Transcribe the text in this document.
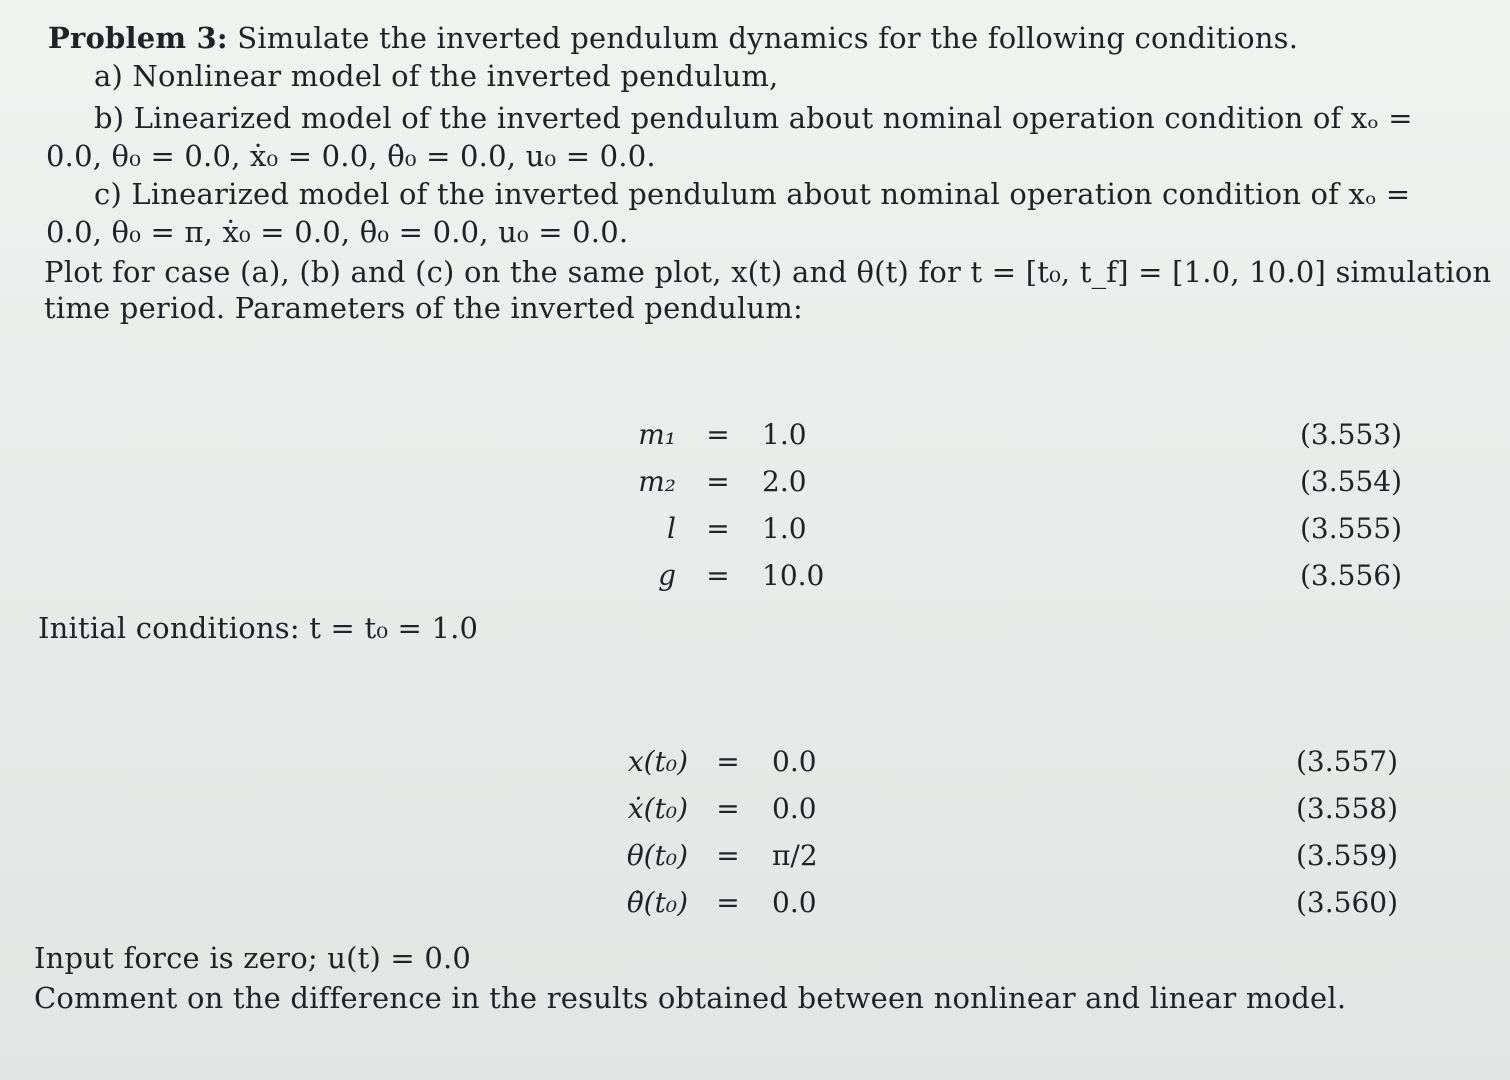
Problem 3: Simulate the inverted pendulum dynamics for the following conditions.
a) Nonlinear model of the inverted pendulum,
b) Linearized model of the inverted pendulum about nominal operation condition of xₒ =
0.0, θ₀ = 0.0, ẋ₀ = 0.0, θ̇₀ = 0.0, u₀ = 0.0.
c) Linearized model of the inverted pendulum about nominal operation condition of xₒ =
0.0, θ₀ = π, ẋ₀ = 0.0, θ̇₀ = 0.0, u₀ = 0.0.
Plot for case (a), (b) and (c) on the same plot, x(t) and θ(t) for t = [t₀, t_f] = [1.0, 10.0] simulation
time period. Parameters of the inverted pendulum:
m₁ = 1.0	(3.553)
m₂ = 2.0	(3.554)
l = 1.0	(3.555)
g = 10.0	(3.556)
Initial conditions: t = t₀ = 1.0
x(t₀) = 0.0	(3.557)
ẋ(t₀) = 0.0	(3.558)
θ(t₀) = π/2	(3.559)
θ̇(t₀) = 0.0	(3.560)
Input force is zero; u(t) = 0.0
Comment on the difference in the results obtained between nonlinear and linear model.
